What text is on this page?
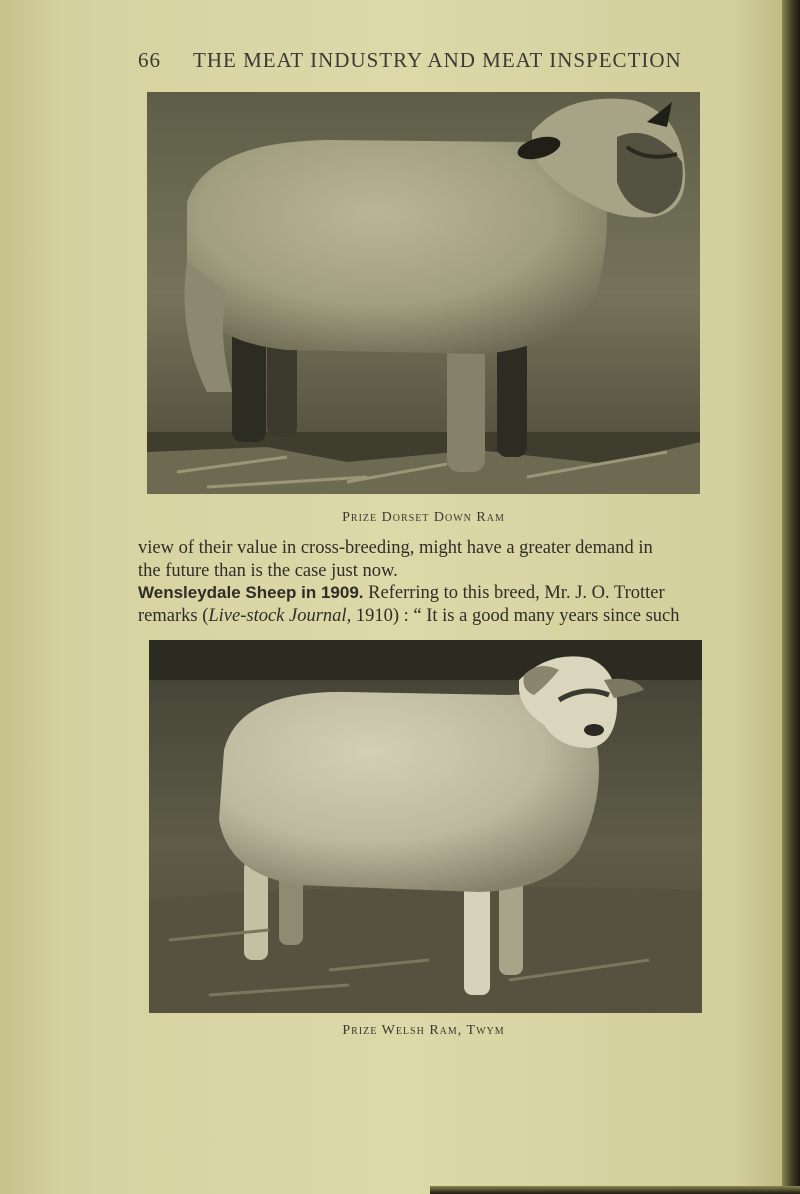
66 THE MEAT INDUSTRY AND MEAT INSPECTION
Prize Dorset Down Ram

view of their value in cross-breeding, might have a greater demand in

the future than is the case just now.

Wensleydale Sheep in 1909. Referring to this breed, Mr. J. O. Trotter

remarks (Live-stock Journal, 1910) : “ It is a good many years since such

Prize Welsh Ram, Twym
